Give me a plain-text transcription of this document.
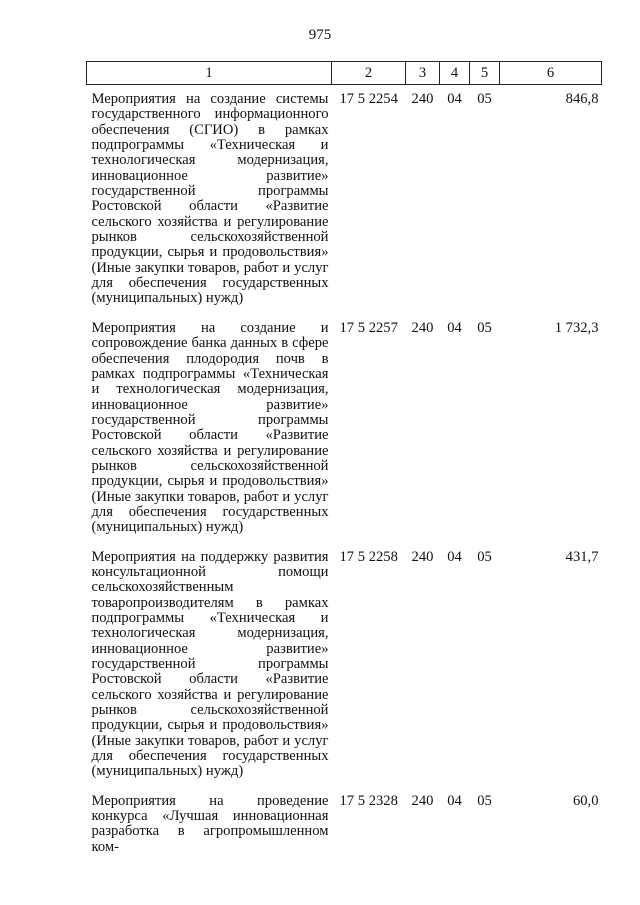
975
1	2	3	4	5	6
Мероприятия на создание системы государственного информационного обеспечения (СГИО) в рамках подпрограммы «Техническая и технологическая модернизация, инновационное развитие» государственной программы Ростовской области «Развитие сельского хозяйства и регулирование рынков сельскохозяйственной продукции, сырья и продовольствия» (Иные закупки товаров, работ и услуг для обеспечения государственных (муниципальных) нужд)	17 5 2254	240	04	05	846,8
Мероприятия на создание и сопровождение банка данных в сфере обеспечения плодородия почв в рамках подпрограммы «Техническая и технологическая модернизация, инновационное развитие» государственной программы Ростовской области «Развитие сельского хозяйства и регулирование рынков сельскохозяйственной продукции, сырья и продовольствия» (Иные закупки товаров, работ и услуг для обеспечения государственных (муниципальных) нужд)	17 5 2257	240	04	05	1 732,3
Мероприятия на поддержку развития консультационной помощи сельскохозяйственным товаропроизводителям в рамках подпрограммы «Техническая и технологическая модернизация, инновационное развитие» государственной программы Ростовской области «Развитие сельского хозяйства и регулирование рынков сельскохозяйственной продукции, сырья и продовольствия» (Иные закупки товаров, работ и услуг для обеспечения государственных (муниципальных) нужд)	17 5 2258	240	04	05	431,7
Мероприятия на проведение конкурса «Лучшая инновационная разработка в агропромышленном ком-	17 5 2328	240	04	05	60,0
